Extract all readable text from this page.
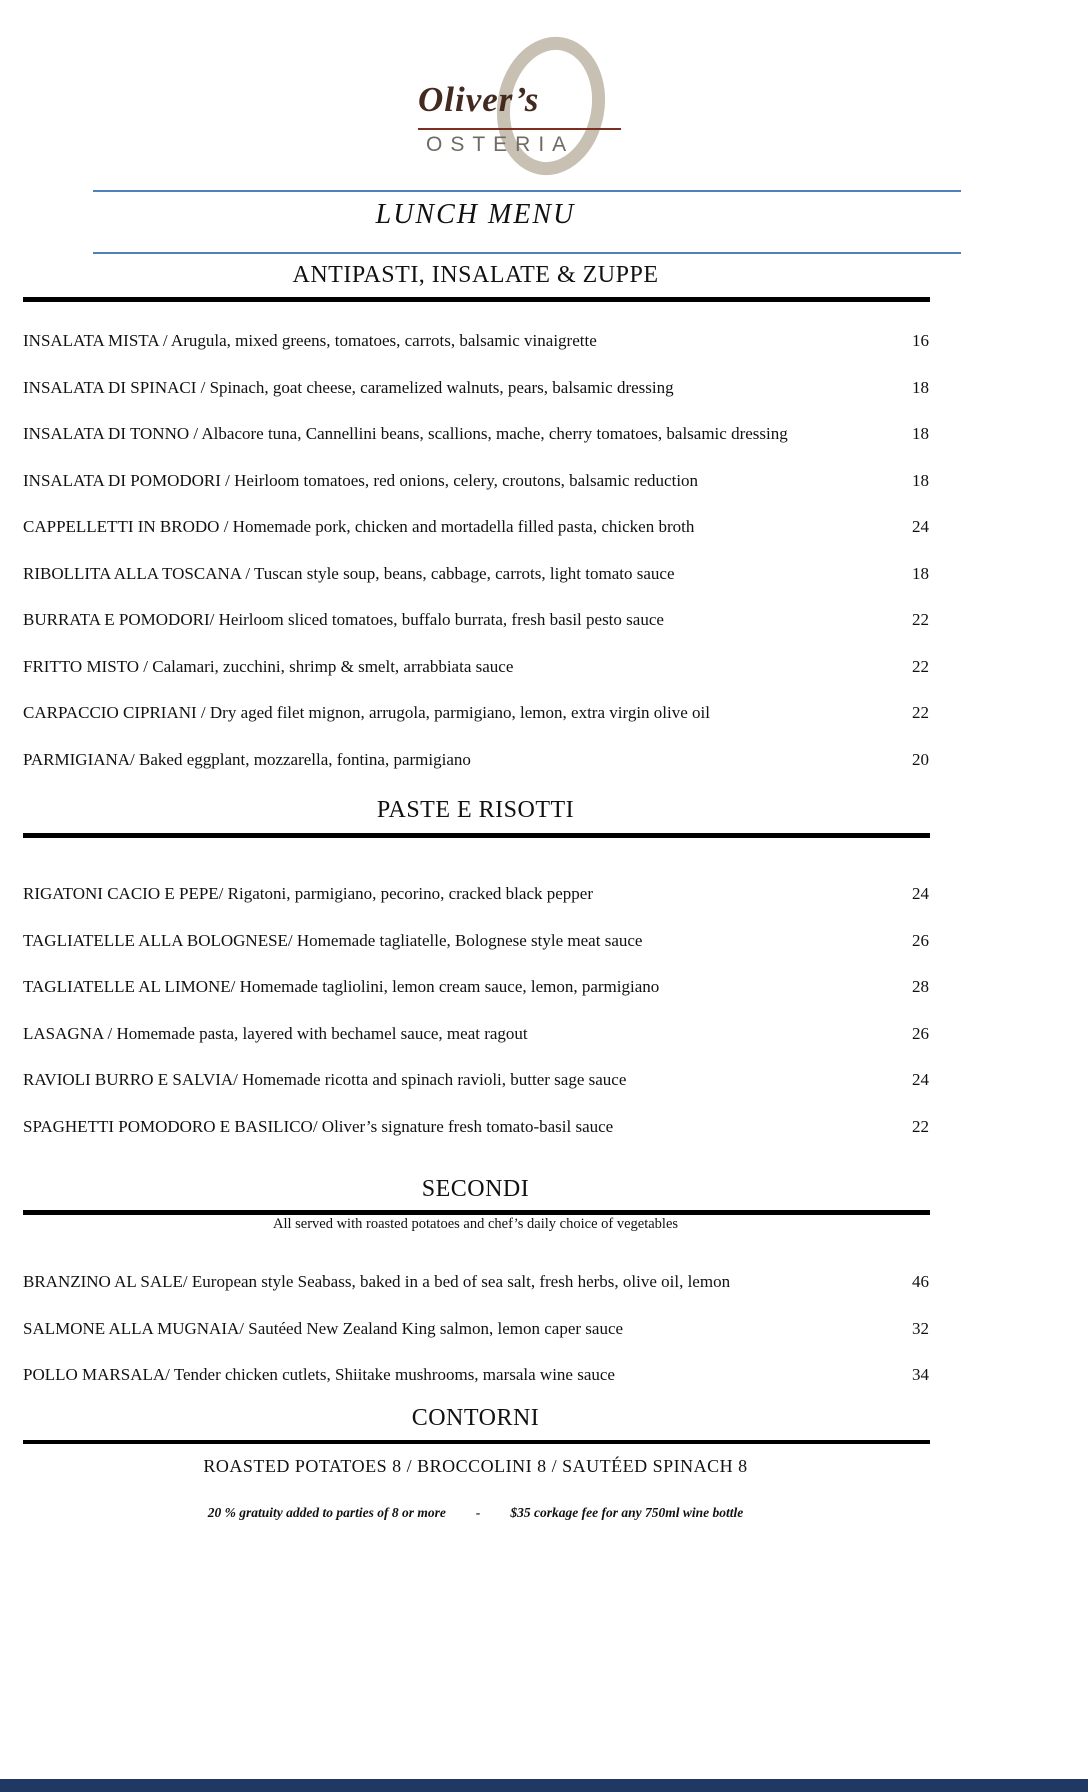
Oliver’s
OSTERIA
LUNCH MENU
ANTIPASTI, INSALATE & ZUPPE
INSALATA MISTA / Arugula, mixed greens, tomatoes, carrots, balsamic vinaigrette	16
INSALATA DI SPINACI / Spinach, goat cheese, caramelized walnuts, pears, balsamic dressing	18
INSALATA DI TONNO / Albacore tuna, Cannellini beans, scallions, mache, cherry tomatoes, balsamic dressing	18
INSALATA DI POMODORI / Heirloom tomatoes, red onions, celery, croutons, balsamic reduction	18
CAPPELLETTI IN BRODO / Homemade pork, chicken and mortadella filled pasta, chicken broth	24
RIBOLLITA ALLA TOSCANA / Tuscan style soup, beans, cabbage, carrots, light tomato sauce	18
BURRATA E POMODORI/ Heirloom sliced tomatoes, buffalo burrata, fresh basil pesto sauce	22
FRITTO MISTO / Calamari, zucchini, shrimp & smelt, arrabbiata sauce	22
CARPACCIO CIPRIANI / Dry aged filet mignon, arrugola, parmigiano, lemon, extra virgin olive oil	22
PARMIGIANA/ Baked eggplant, mozzarella, fontina, parmigiano	20
PASTE E RISOTTI
RIGATONI CACIO E PEPE/ Rigatoni, parmigiano, pecorino, cracked black pepper	24
TAGLIATELLE ALLA BOLOGNESE/ Homemade tagliatelle, Bolognese style meat sauce	26
TAGLIATELLE AL LIMONE/ Homemade tagliolini, lemon cream sauce, lemon, parmigiano	28
LASAGNA / Homemade pasta, layered with bechamel sauce, meat ragout	26
RAVIOLI BURRO E SALVIA/ Homemade ricotta and spinach ravioli, butter sage sauce	24
SPAGHETTI POMODORO E BASILICO/ Oliver’s signature fresh tomato-basil sauce	22
SECONDI
All served with roasted potatoes and chef’s daily choice of vegetables
BRANZINO AL SALE/ European style Seabass, baked in a bed of sea salt, fresh herbs, olive oil, lemon	46
SALMONE ALLA MUGNAIA/ Sautéed New Zealand King salmon, lemon caper sauce	32
POLLO MARSALA/ Tender chicken cutlets, Shiitake mushrooms, marsala wine sauce	34
CONTORNI
ROASTED POTATOES 8 / BROCCOLINI 8 / SAUTÉED SPINACH 8
20 % gratuity added to parties of 8 or more - $35 corkage fee for any 750ml wine bottle
